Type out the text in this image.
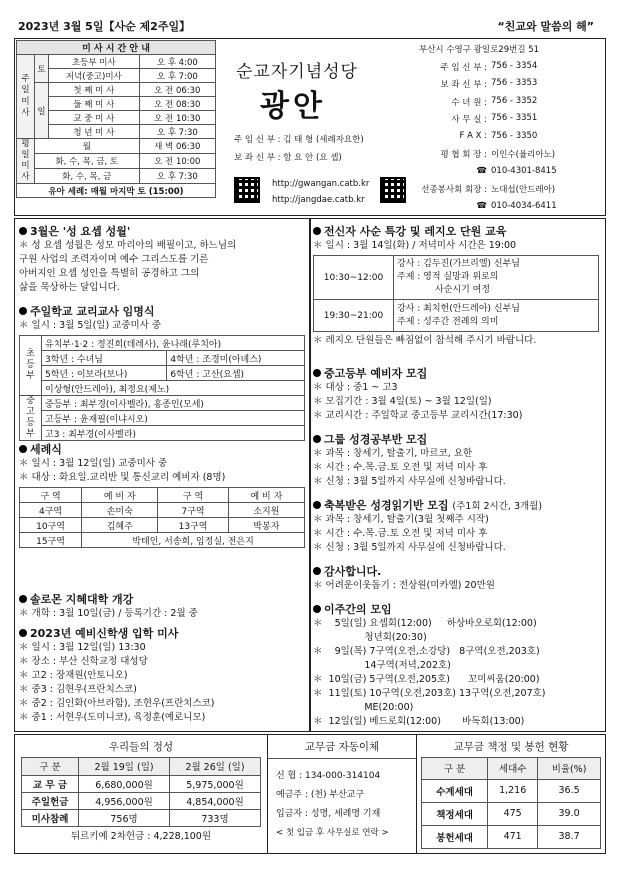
2023년 3월 5일【사순 제2주일】	“친교와 말씀의 해”
미 사 시 간 안 내			
주일미사	토	초등부 미사	오 후 4:00
		저녁(중고)미사	오 후 7:00
	일	첫 째 미 사	오 전 06:30
		둘 째 미 사	오 전 08:30
		교 중 미 사	오 전 10:30
		청 년 미 사	오 후 7:30
평일미사	월		새 벽 06:30
	화, 수, 목, 금, 토		오 전 10:00
	화, 수, 목, 금		오 후 7:30
유아 세례: 매월 마지막 토 (15:00)			
순교자기념성당
광안
주 임 신 부 : 김 태 형 (세례자요한)
보 좌 신 부 : 함 요 안 (요 셉)
http://gwangan.catb.kr
http://jangdae.catb.kr
부산시 수영구 광일로29번길 51
주 임 신 부 : 756 - 3354
보 좌 신 부 : 756 - 3353
수 녀 원 : 756 - 3352
사 무 실 : 756 - 3351
F A X : 756 - 3350
평 협 회 장 : 이인수(율리아노)
☎ 010-4301-8415
선종봉사회 회장 : 노대섭(안드레아)
☎ 010-4034-6411
3월은 '성 요셉 성월'
＊ 성 요셉 성월은 성모 마리아의 배필이고, 하느님의
구원 사업의 조력자이며 예수 그리스도를 기른
아버지인 요셉 성인을 특별히 공경하고 그의
삶을 묵상하는 달입니다.
주일학교 교리교사 임명식
＊ 일시 : 3월 5일(일) 교중미사 중
초등부	유치부·1·2 : 정진희(데레사), 윤나래(루치아)	
	3학년 : 수녀님	4학년 : 조경미(아녜스)
	5학년 : 이보라(보나)	6학년 : 고산(요셉)
	이상형(안드레아), 최정요(제노)	
중고등부	중등부 : 최부경(이사벨라), 홍종인(모세)	
	고등부 : 윤재필(이냐시오)	
	고3 : 최부경(이사벨라)	
세례식
＊ 일시 : 3월 12일(일) 교중미사 중
＊ 대상 : 화요일.교리반 및 통신교리 예비자 (8명)
구 역	예 비 자	구 역	예 비 자
4구역	손미숙	7구역	소지원
10구역	김혜주	13구역	박봉자
15구역	박태인, 서송희, 임정실, 전은지		
솔로몬 지혜대학 개강
＊ 개학 : 3월 10일(금) / 등록기간 : 2월 중
2023년 예비신학생 입학 미사
＊ 일시 : 3월 12일(일) 13:30
＊ 장소 : 부산 신학교정 대성당
＊ 고2 : 장재원(안토니오)
＊ 중3 : 김현우(프란치스코)
＊ 중2 : 김인화(아브라함), 조현우(프란치스코)
＊ 중1 : 서현우(도미니코), 육정훈(예로니모)
전신자 사순 특강 및 레지오 단원 교육
＊ 일시 : 3월 14일(화) / 저녁미사 시간은 19:00
10:30~12:00	강사 : 김두진(가브리엘) 신부님
주제 : 영적 실망과 위로의
사순시기 여정

19:30~21:00	강사 : 최치헌(안드레아) 신부님
주제 : 성주간 전례의 의미
＊ 레지오 단원들은 빠짐없이 참석해 주시기 바랍니다.
중고등부 예비자 모집
＊ 대상 : 중1 ~ 고3
＊ 모집기간 : 3월 4일(토) ~ 3월 12일(일)
＊ 교리시간 : 주일학교 중고등부 교리시간(17:30)
그룹 성경공부반 모집
＊ 과목 : 창세기, 탈출기, 마르코, 요한
＊ 시간 : 수.목.금.토 오전 및 저녁 미사 후
＊ 신청 : 3월 5일까지 사무실에 신청바랍니다.
축복받은 성경읽기반 모집 (주1회 2시간, 3개월)
＊ 과목 : 창세기, 탈출기(3월 첫째주 시작)
＊ 시간 : 수.목.금.토 오전 및 저녁 미사 후
＊ 신청 : 3월 5일까지 사무실에 신청바랍니다.
감사합니다.
＊ 어려운이웃돕기 : 전상원(미카엘) 20만원
이주간의 모임
＊    5일(일) 요셉회(12:00)     하상바오로회(12:00)
청년회(20:30)
＊    9일(목) 7구역(오전,소강당)   8구역(오전,203호)
14구역(저녁,202호)
＊  10일(금) 5구역(오전,205호)      꼬미씨움(20:00)
＊  11일(토) 10구역(오전,203호) 13구역(오전,207호)
ME(20:00)
＊  12일(일) 베드로회(12:00)       바독회(13:00)
우리들의 정성		
구 분	2월 19일 (일)	2월 26일 (일)
교 무 금	6,680,000원	5,975,000원
주일헌금	4,956,000원	4,854,000원
미사참례	756명	733명
뒤르키예 2차헌금 : 4,228,100원		
교무금 자동이체
신 협 : 134-000-314104
예금주 : (천) 부산교구
입금자 : 성명, 세례명 기재
< 첫 입금 후 사무실로 연락 >
교무금 책정 및 봉헌 현황		
구 분	세대수	비율(%)
수계세대	1,216	36.5
책정세대	475	39.0
봉헌세대	471	38.7
